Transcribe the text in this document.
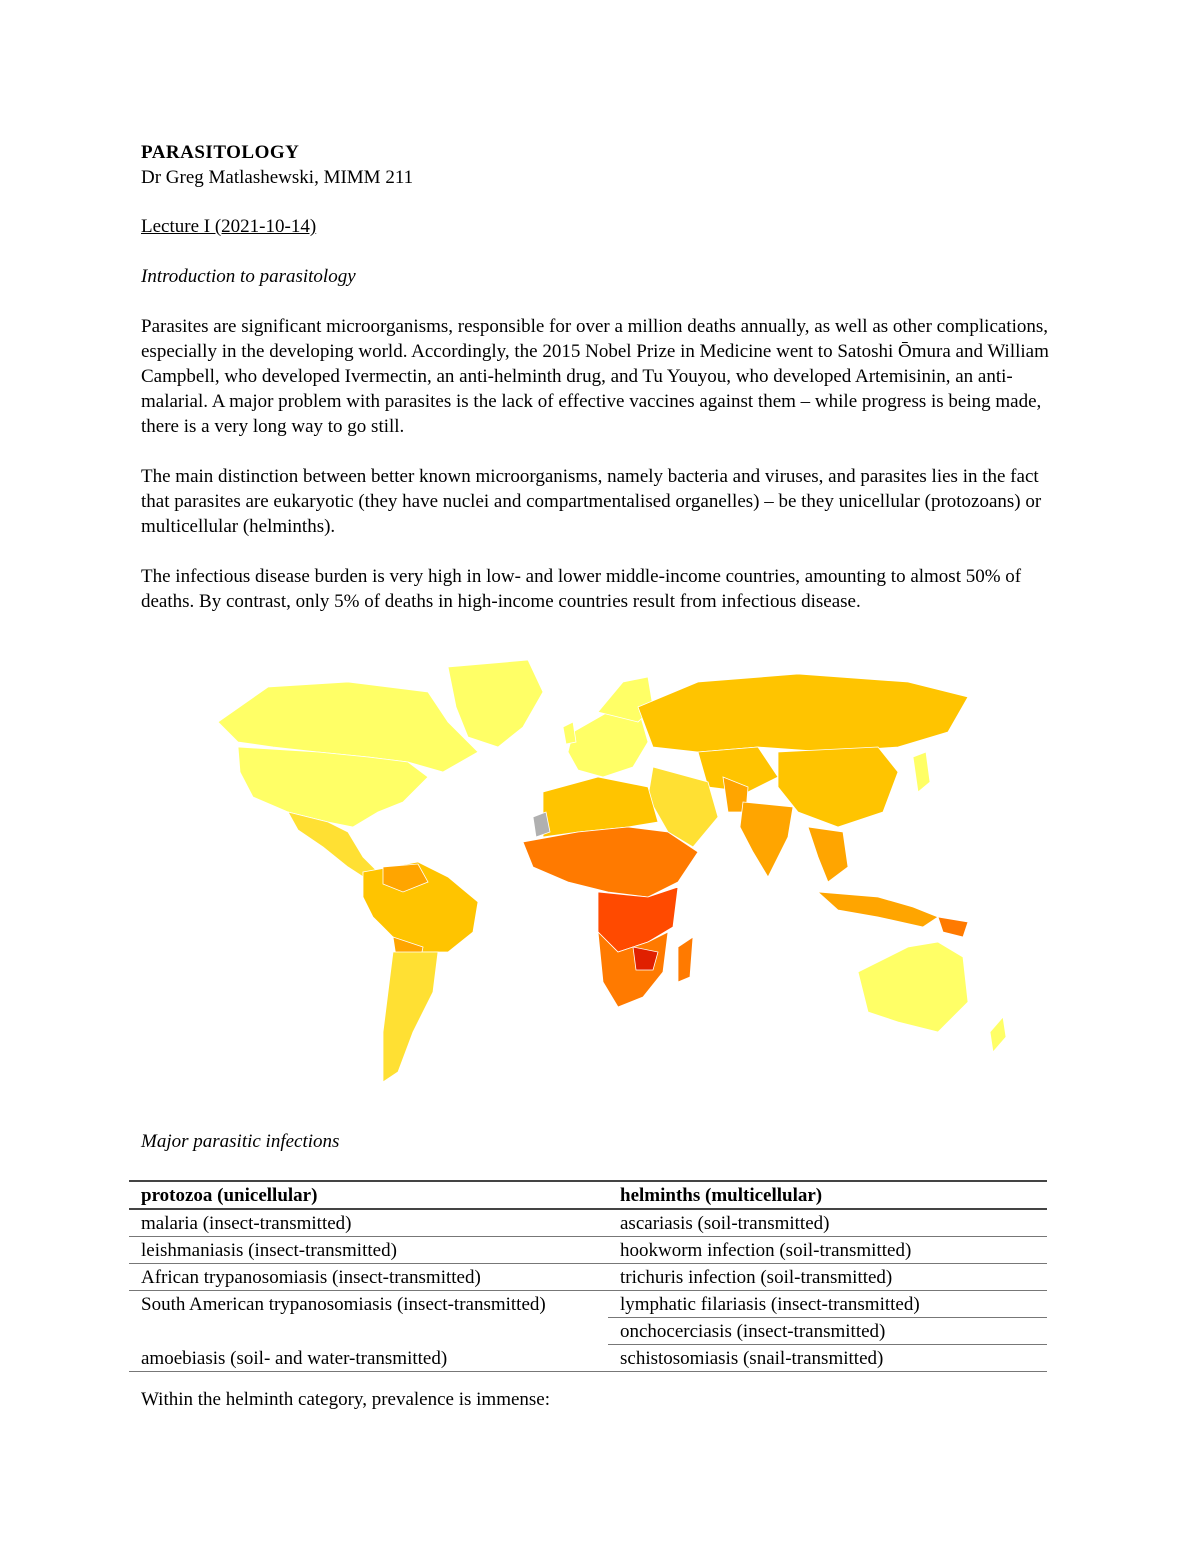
PARASITOLOGY

Dr Greg Matlashewski, MIMM 211

Lecture I (2021-10-14)

Introduction to parasitology

Parasites are significant microorganisms, responsible for over a million deaths annually, as well as other complications, especially in the developing world. Accordingly, the 2015 Nobel Prize in Medicine went to Satoshi Ōmura and William Campbell, who developed Ivermectin, an anti-helminth drug, and Tu Youyou, who developed Artemisinin, an anti-malarial. A major problem with parasites is the lack of effective vaccines against them – while progress is being made, there is a very long way to go still.

The main distinction between better known microorganisms, namely bacteria and viruses, and parasites lies in the fact that parasites are eukaryotic (they have nuclei and compartmentalised organelles) – be they unicellular (protozoans) or multicellular (helminths).

The infectious disease burden is very high in low- and lower middle-income countries, amounting to almost 50% of deaths. By contrast, only 5% of deaths in high-income countries result from infectious disease.

Major parasitic infections
protozoa (unicellular)	helminths (multicellular)
malaria (insect-transmitted)	ascariasis (soil-transmitted)
leishmaniasis (insect-transmitted)	hookworm infection (soil-transmitted)
African trypanosomiasis (insect-transmitted)	trichuris infection (soil-transmitted)
South American trypanosomiasis (insect-transmitted)	lymphatic filariasis (insect-transmitted)
	onchocerciasis (insect-transmitted)
amoebiasis (soil- and water-transmitted)	schistosomiasis (snail-transmitted)
Within the helminth category, prevalence is immense:
